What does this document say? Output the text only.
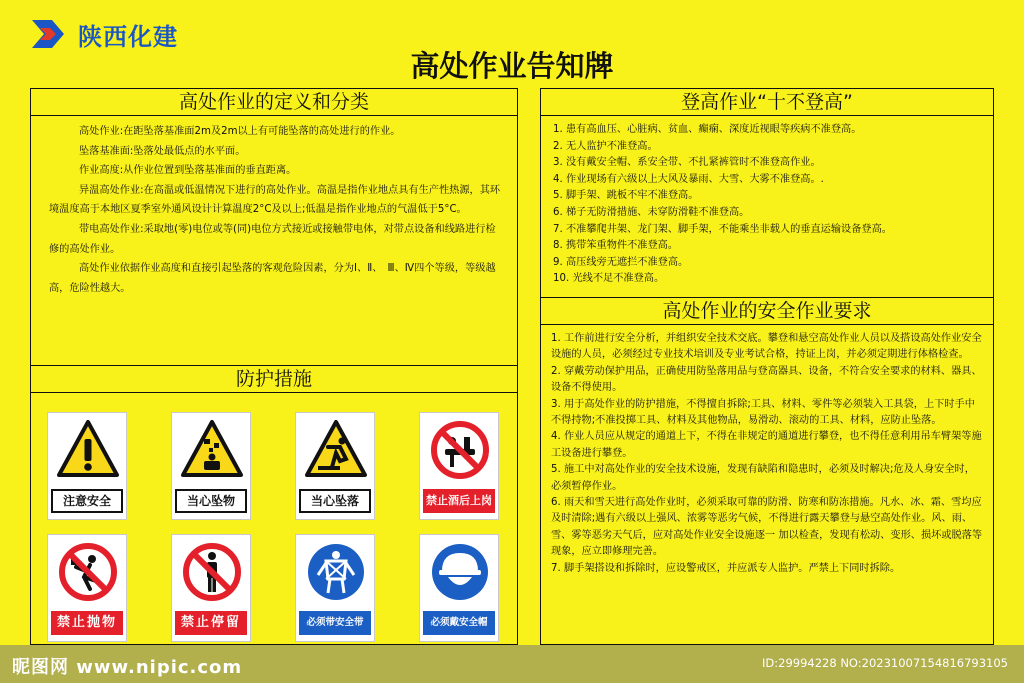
陕西化建
高处作业告知牌
高处作业的定义和分类

高处作业:在距坠落基准面2m及2m以上有可能坠落的高处进行的作业。

坠落基准面:坠落处最低点的水平面。

作业高度:从作业位置到坠落基准面的垂直距离。

异温高处作业:在高温或低温情况下进行的高处作业。高温是指作业地点具有生产性热源，其环境温度高于本地区夏季室外通风设计计算温度2°C及以上;低温是指作业地点的气温低于5°C。

带电高处作业:采取地(零)电位或等(同)电位方式接近或接触带电体，对带点设备和线路进行检修的高处作业。

高处作业依据作业高度和直接引起坠落的客观危险因素，分为Ⅰ、Ⅱ、　Ⅲ、Ⅳ四个等级，等级越高，危险性越大。

防护措施
注意安全	当心坠物	当心坠落	禁止酒后上岗
禁止抛物	禁止停留	必须带安全带	必须戴安全帽
登高作业“十不登高”
1. 患有高血压、心脏病、贫血、癫痫、深度近视眼等疾病不准登高。
2. 无人监护不准登高。
3. 没有戴安全帽、系安全带、不扎紧裤管时不准登高作业。
4. 作业现场有六级以上大风及暴雨、大雪、大雾不准登高。.
5. 脚手架、跳板不牢不准登高。
6. 梯子无防滑措施、未穿防滑鞋不准登高。
7. 不准攀爬井架、龙门架、脚手架，不能乘坐非载人的垂直运输设备登高。
8. 携带笨重物件不准登高。
9. 高压线旁无遮拦不准登高。
10. 光线不足不准登高。
高处作业的安全作业要求

1. 工作前进行安全分析，并组织安全技术交底。攀登和悬空高处作业人员以及搭设高处作业安全设施的人员，必须经过专业技术培训及专业考试合格，持证上岗，并必须定期进行体格检查。

2. 穿戴劳动保护用品，正确使用防坠落用品与登高器具、设备，不符合安全要求的材料、器具、设备不得使用。

3. 用于高处作业的防护措施，不得擅自拆除;工具、材料、零件等必须装入工具袋，上下时手中不得持物;不准投掷工具、材料及其他物品，易滑动、滚动的工具、材料，应防止坠落。

4. 作业人员应从规定的通道上下，不得在非规定的通道进行攀登，也不得任意利用吊车臂架等施工设备进行攀登。

5. 施工中对高处作业的安全技术设施，发现有缺陷和隐患时，必须及时解决;危及人身安全时，必须暂停作业。

6. 雨天和雪天进行高处作业时，必须采取可靠的防滑、防寒和防冻措施。凡水、冰、霜、雪均应及时清除;遇有六级以上强风、浓雾等恶劣气候，不得进行露天攀登与悬空高处作业。风、雨、雪、雾等恶劣天气后，应对高处作业安全设施逐一 加以检查，发现有松动、变形、损坏或脱落等现象，应立即修理完善。

7. 脚手架搭设和拆除时，应设警戒区，并应派专人监护。严禁上下同时拆除。

昵图网 www.nipic.com	ID:29994228 NO:20231007154816793105
